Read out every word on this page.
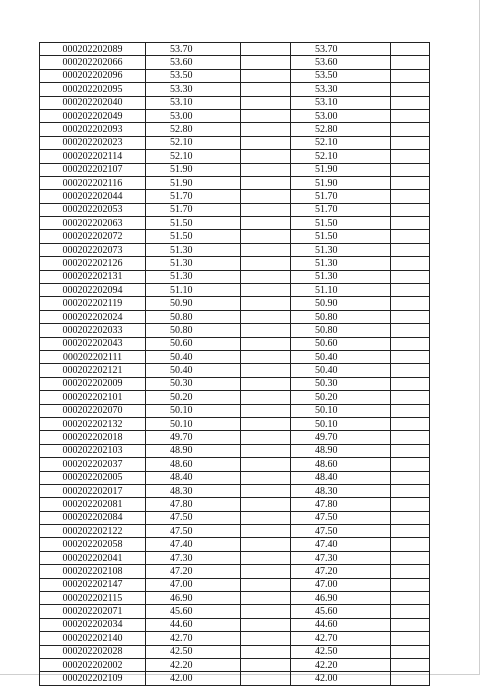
000202202089	53.70		53.70	
000202202066	53.60		53.60	
000202202096	53.50		53.50	
000202202095	53.30		53.30	
000202202040	53.10		53.10	
000202202049	53.00		53.00	
000202202093	52.80		52.80	
000202202023	52.10		52.10	
000202202114	52.10		52.10	
000202202107	51.90		51.90	
000202202116	51.90		51.90	
000202202044	51.70		51.70	
000202202053	51.70		51.70	
000202202063	51.50		51.50	
000202202072	51.50		51.50	
000202202073	51.30		51.30	
000202202126	51.30		51.30	
000202202131	51.30		51.30	
000202202094	51.10		51.10	
000202202119	50.90		50.90	
000202202024	50.80		50.80	
000202202033	50.80		50.80	
000202202043	50.60		50.60	
000202202111	50.40		50.40	
000202202121	50.40		50.40	
000202202009	50.30		50.30	
000202202101	50.20		50.20	
000202202070	50.10		50.10	
000202202132	50.10		50.10	
000202202018	49.70		49.70	
000202202103	48.90		48.90	
000202202037	48.60		48.60	
000202202005	48.40		48.40	
000202202017	48.30		48.30	
000202202081	47.80		47.80	
000202202084	47.50		47.50	
000202202122	47.50		47.50	
000202202058	47.40		47.40	
000202202041	47.30		47.30	
000202202108	47.20		47.20	
000202202147	47.00		47.00	
000202202115	46.90		46.90	
000202202071	45.60		45.60	
000202202034	44.60		44.60	
000202202140	42.70		42.70	
000202202028	42.50		42.50	
000202202002	42.20		42.20	
000202202109	42.00		42.00	
